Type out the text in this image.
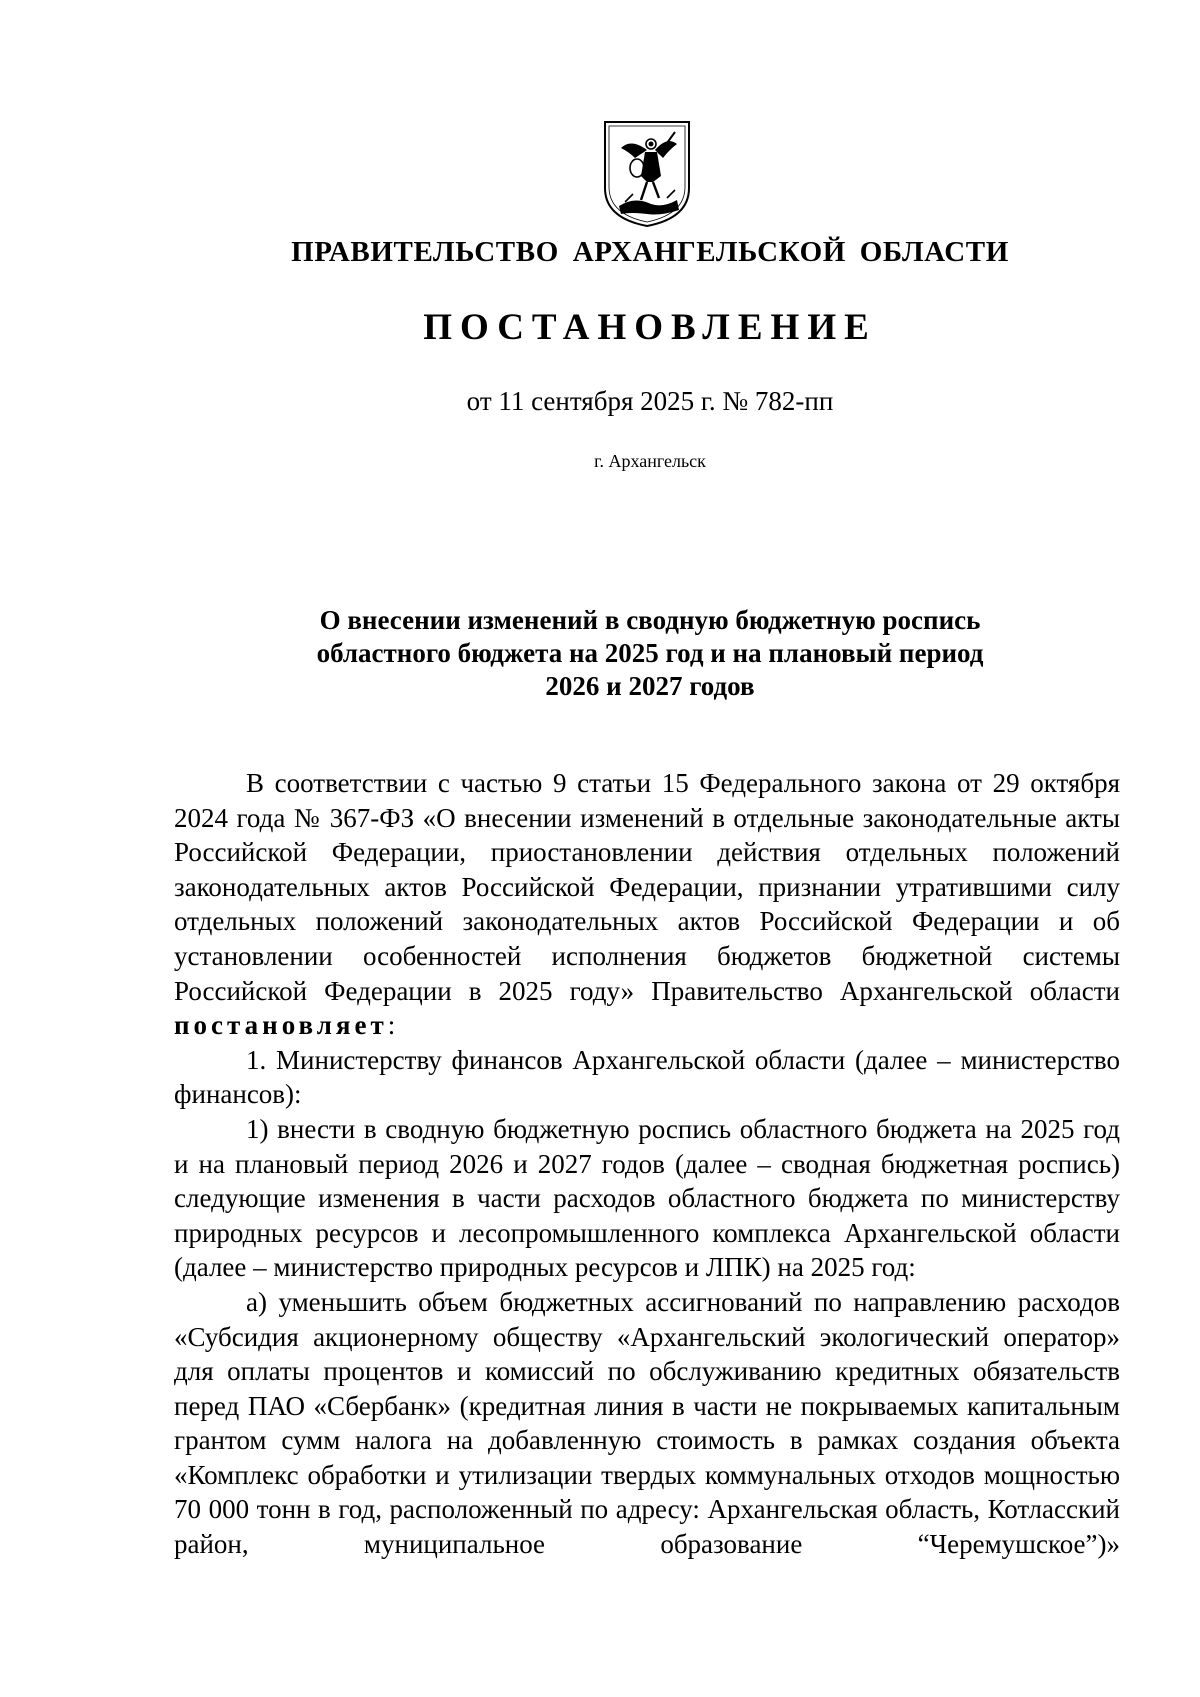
ПРАВИТЕЛЬСТВО АРХАНГЕЛЬСКОЙ ОБЛАСТИ
ПОСТАНОВЛЕНИЕ
от 11 сентября 2025 г. № 782-пп
г. Архангельск
О внесении изменений в сводную бюджетную роспись
областного бюджета на 2025 год и на плановый период
2026 и 2027 годов

В соответствии с частью 9 статьи 15 Федерального закона от 29 октября 2024 года № 367-ФЗ «О внесении изменений в отдельные законодательные акты Российской Федерации, приостановлении действия отдельных положений законодательных актов Российской Федерации, признании утратившими силу отдельных положений законодательных актов Российской Федерации и об установлении особенностей исполнения бюджетов бюджетной системы Российской Федерации в 2025 году» Правительство Архангельской области постановляет:

1. Министерству финансов Архангельской области (далее – министерство финансов):

1) внести в сводную бюджетную роспись областного бюджета на 2025 год и на плановый период 2026 и 2027 годов (далее – сводная бюджетная роспись) следующие изменения в части расходов областного бюджета по министерству природных ресурсов и лесопромышленного комплекса Архангельской области (далее – министерство природных ресурсов и ЛПК) на 2025 год:

а) уменьшить объем бюджетных ассигнований по направлению расходов «Субсидия акционерному обществу «Архангельский экологический оператор» для оплаты процентов и комиссий по обслуживанию кредитных обязательств перед ПАО «Сбербанк» (кредитная линия в части не покрываемых капитальным грантом сумм налога на добавленную стоимость в рамках создания объекта «Комплекс обработки и утилизации твердых коммунальных отходов мощностью 70 000 тонн в год, расположенный по адресу: Архангельская область, Котласский район, муниципальное образование “Черемушское”)»
